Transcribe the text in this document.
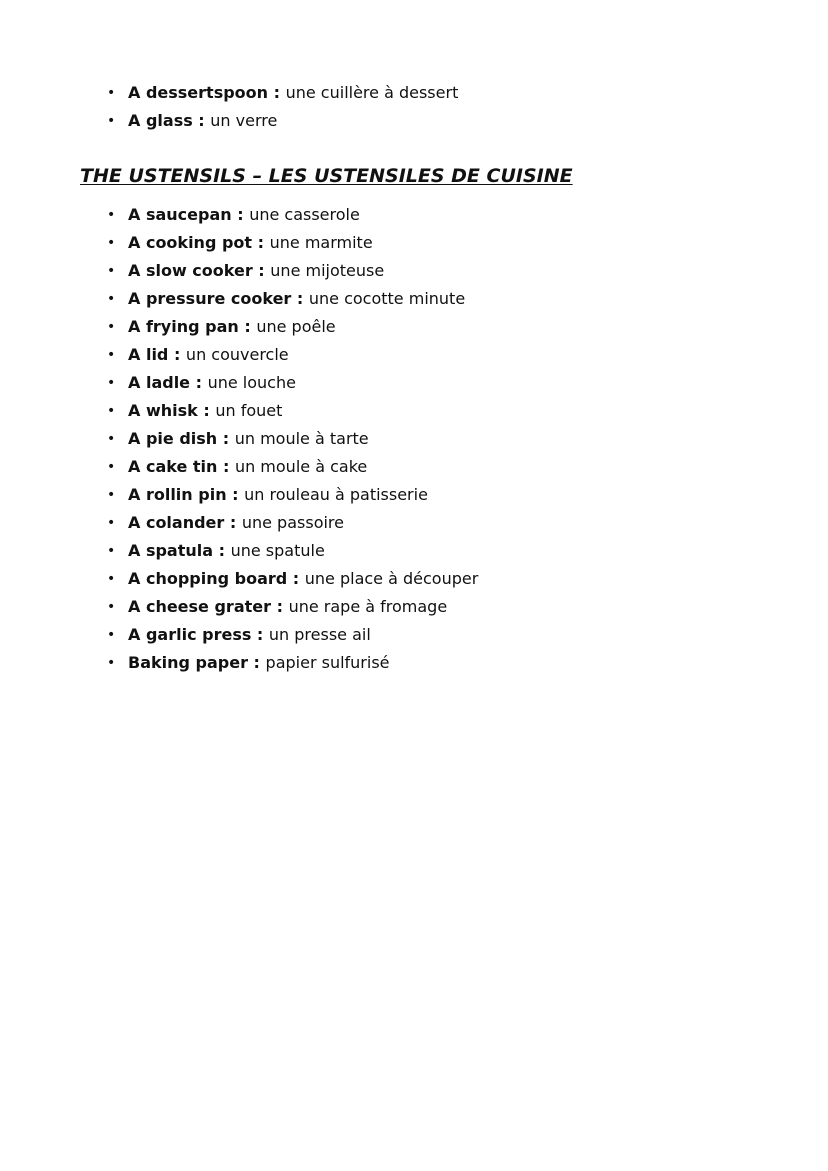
• A dessertspoon : une cuillère à dessert
• A glass : un verre
THE USTENSILS – LES USTENSILES DE CUISINE
• A saucepan : une casserole
• A cooking pot : une marmite
• A slow cooker : une mijoteuse
• A pressure cooker : une cocotte minute
• A frying pan : une poêle
• A lid : un couvercle
• A ladle : une louche
• A whisk : un fouet
• A pie dish : un moule à tarte
• A cake tin : un moule à cake
• A rollin pin : un rouleau à patisserie
• A colander : une passoire
• A spatula : une spatule
• A chopping board : une place à découper
• A cheese grater : une rape à fromage
• A garlic press : un presse ail
• Baking paper : papier sulfurisé
